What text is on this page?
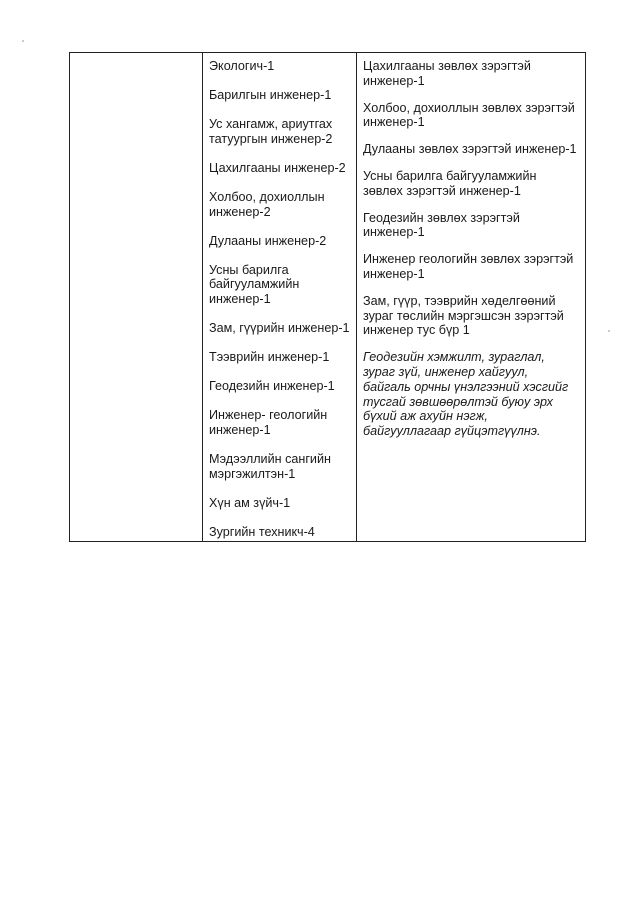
Экологич-1

Барилгын инженер-1

Ус хангамж, ариутгах
татуургын инженер-2

Цахилгааны инженер-2

Холбоо, дохиоллын
инженер-2

Дулааны инженер-2

Усны барилга
байгууламжийн
инженер-1

Зам, гүүрийн инженер-1

Тээврийн инженер-1

Геодезийн инженер-1

Инженер- геологийн
инженер-1

Мэдээллийн сангийн
мэргэжилтэн-1

Хүн ам зүйч-1

Зургийн техникч-4

Цахилгааны зөвлөх зэрэгтэй
инженер-1

Холбоо, дохиоллын зөвлөх зэрэгтэй
инженер-1

Дулааны зөвлөх зэрэгтэй инженер-1

Усны барилга байгууламжийн
зөвлөх зэрэгтэй инженер-1

Геодезийн зөвлөх зэрэгтэй
инженер-1

Инженер геологийн зөвлөх зэрэгтэй
инженер-1

Зам, гүүр, тээврийн хөделгөөний
зураг төслийн мэргэшсэн зэрэгтэй
инженер тус бүр 1

Геодезийн хэмжилт, зураглал,
зураг зүй, инженер хайгуул,
байгаль орчны үнэлгээний хэсгийг
тусгай зөвшөөрөлтэй буюу эрх
бүхий аж ахуйн нэгж,
байгууллагаар гүйцэтгүүлнэ.
